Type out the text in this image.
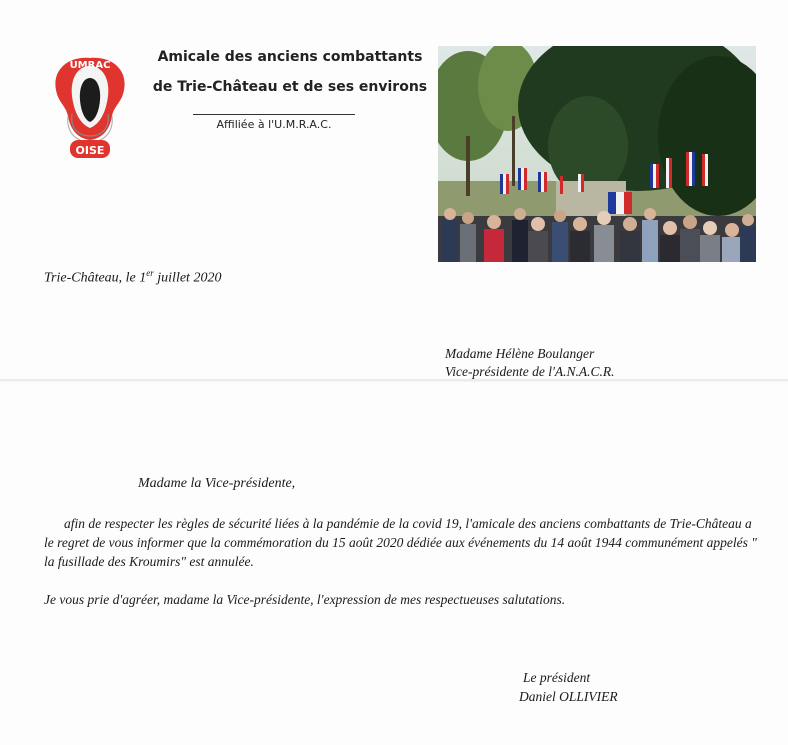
UMRAC
OISE
Amicale des anciens combattants
de Trie-Château et de ses environs
Affiliée à l'U.M.R.A.C.
Trie-Château, le 1er juillet 2020
Madame Hélène Boulanger
Vice-présidente de l'A.N.A.C.R.
Madame la Vice-présidente,
afin de respecter les règles de sécurité liées à la pandémie de la covid 19, l'amicale des anciens combattants de Trie-Château a le regret de vous informer que la commémoration du 15 août 2020 dédiée aux événements du 14 août 1944 communément appelés " la fusillade des Kroumirs" est annulée.
Je vous prie d'agréer, madame la Vice-présidente, l'expression de mes respectueuses salutations.
Le président
Daniel OLLIVIER
